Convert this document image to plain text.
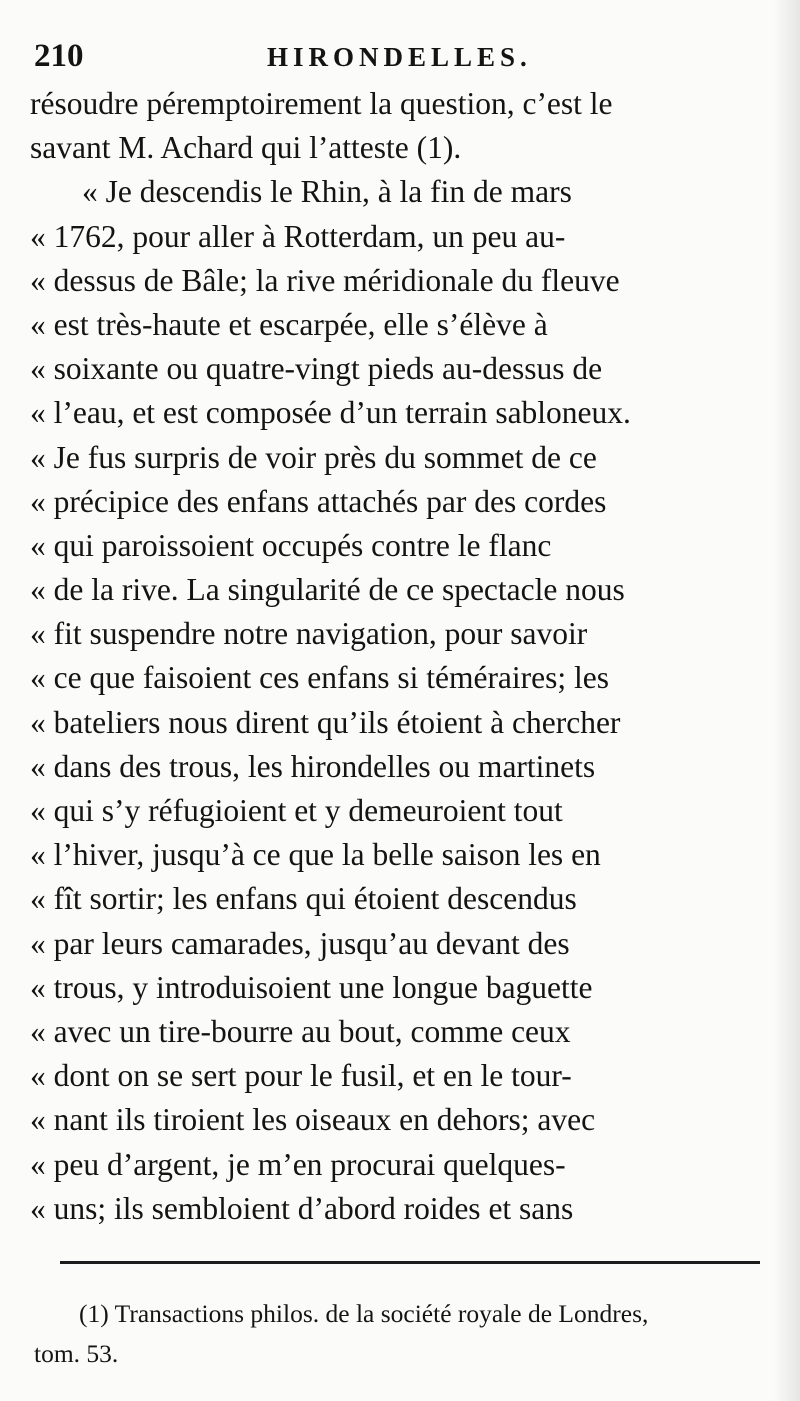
210	HIRONDELLES.
résoudre péremptoirement la question, c’est le
savant M. Achard qui l’atteste (1).
« Je descendis le Rhin, à la fin de mars
« 1762, pour aller à Rotterdam, un peu au-
« dessus de Bâle; la rive méridionale du fleuve
« est très-haute et escarpée, elle s’élève à
« soixante ou quatre-vingt pieds au-dessus de
« l’eau, et est composée d’un terrain sabloneux.
« Je fus surpris de voir près du sommet de ce
« précipice des enfans attachés par des cordes
« qui paroissoient occupés contre le flanc
« de la rive. La singularité de ce spectacle nous
« fit suspendre notre navigation, pour savoir
« ce que faisoient ces enfans si téméraires; les
« bateliers nous dirent qu’ils étoient à chercher
« dans des trous, les hirondelles ou martinets
« qui s’y réfugioient et y demeuroient tout
« l’hiver, jusqu’à ce que la belle saison les en
« fît sortir; les enfans qui étoient descendus
« par leurs camarades, jusqu’au devant des
« trous, y introduisoient une longue baguette
« avec un tire-bourre au bout, comme ceux
« dont on se sert pour le fusil, et en le tour-
« nant ils tiroient les oiseaux en dehors; avec
« peu d’argent, je m’en procurai quelques-
« uns; ils sembloient d’abord roides et sans
(1) Transactions philos. de la société royale de Londres,
tom. 53.
